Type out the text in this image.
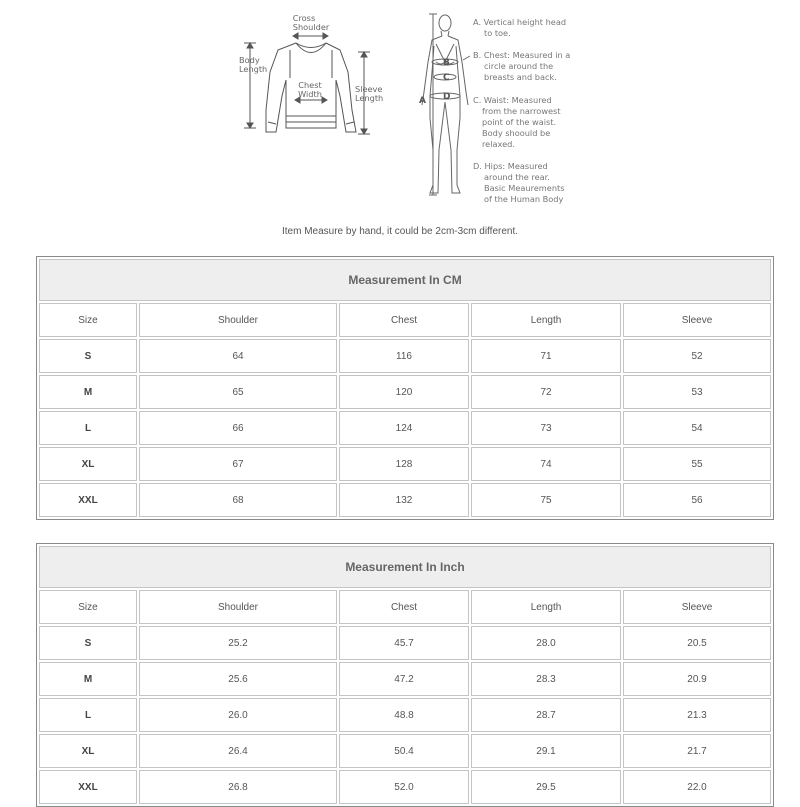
Cross
Shoulder
Body
Length
Chest
Width	Sleeve
Length	A
B
C
D
A. Vertical height head
to toe.
B. Chest: Measured in a
circle around the
breasts and back.
C. Waist: Measured
from the narrowest
point of the waist.
Body shoould be
relaxed.
D. Hips: Measured
around the rear.
Basic Meaurements
of the Human Body
Item Measure by hand, it could be 2cm-3cm different.
Measurement In CM				
Size	Shoulder	Chest	Length	Sleeve
S	64	116	71	52
M	65	120	72	53
L	66	124	73	54
XL	67	128	74	55
XXL	68	132	75	56
Measurement In Inch				
Size	Shoulder	Chest	Length	Sleeve
S	25.2	45.7	28.0	20.5
M	25.6	47.2	28.3	20.9
L	26.0	48.8	28.7	21.3
XL	26.4	50.4	29.1	21.7
XXL	26.8	52.0	29.5	22.0
